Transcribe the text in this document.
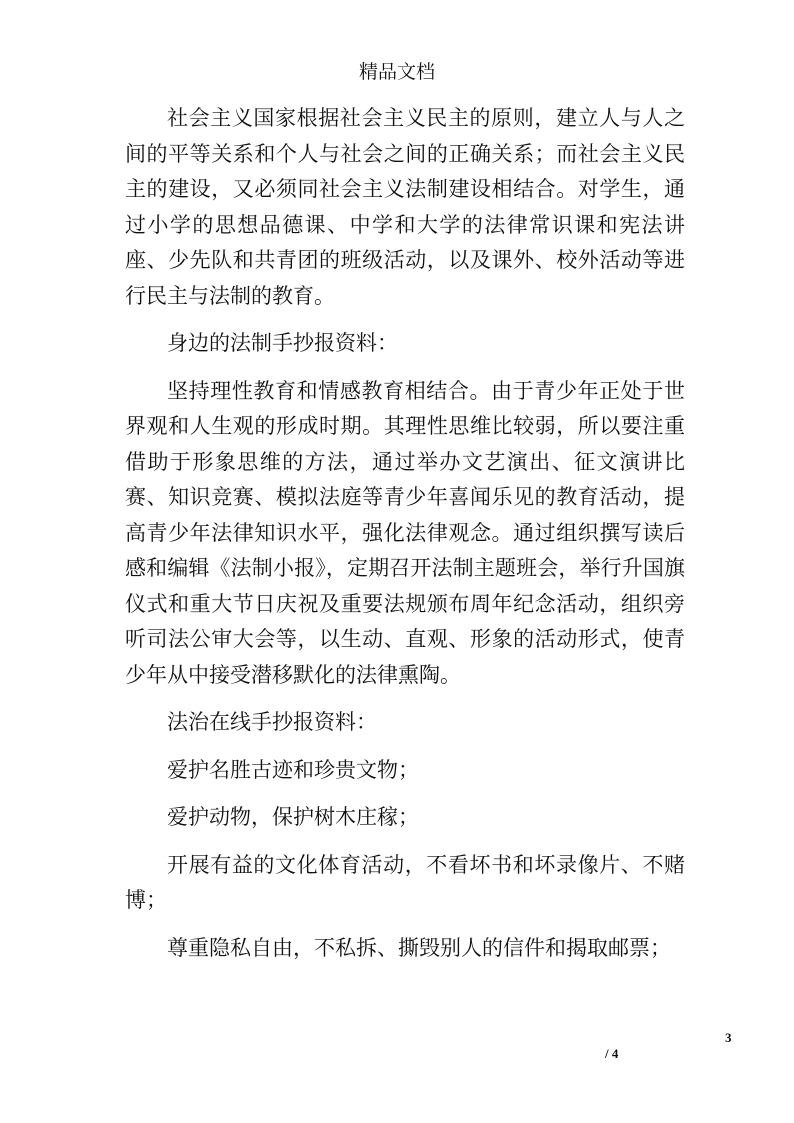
精品文档

社会主义国家根据社会主义民主的原则，建立人与人之间的平等关系和个人与社会之间的正确关系；而社会主义民主的建设，又必须同社会主义法制建设相结合。对学生，通过小学的思想品德课、中学和大学的法律常识课和宪法讲座、少先队和共青团的班级活动，以及课外、校外活动等进行民主与法制的教育。

身边的法制手抄报资料：

坚持理性教育和情感教育相结合。由于青少年正处于世界观和人生观的形成时期。其理性思维比较弱，所以要注重借助于形象思维的方法，通过举办文艺演出、征文演讲比赛、知识竞赛、模拟法庭等青少年喜闻乐见的教育活动，提高青少年法律知识水平，强化法律观念。通过组织撰写读后感和编辑《法制小报》，定期召开法制主题班会，举行升国旗仪式和重大节日庆祝及重要法规颁布周年纪念活动，组织旁听司法公审大会等，以生动、直观、形象的活动形式，使青少年从中接受潜移默化的法律熏陶。

法治在线手抄报资料：

爱护名胜古迹和珍贵文物；

爱护动物，保护树木庄稼；

开展有益的文化体育活动，不看坏书和坏录像片、不赌博；

尊重隐私自由，不私拆、撕毁别人的信件和揭取邮票；

3
/ 4
